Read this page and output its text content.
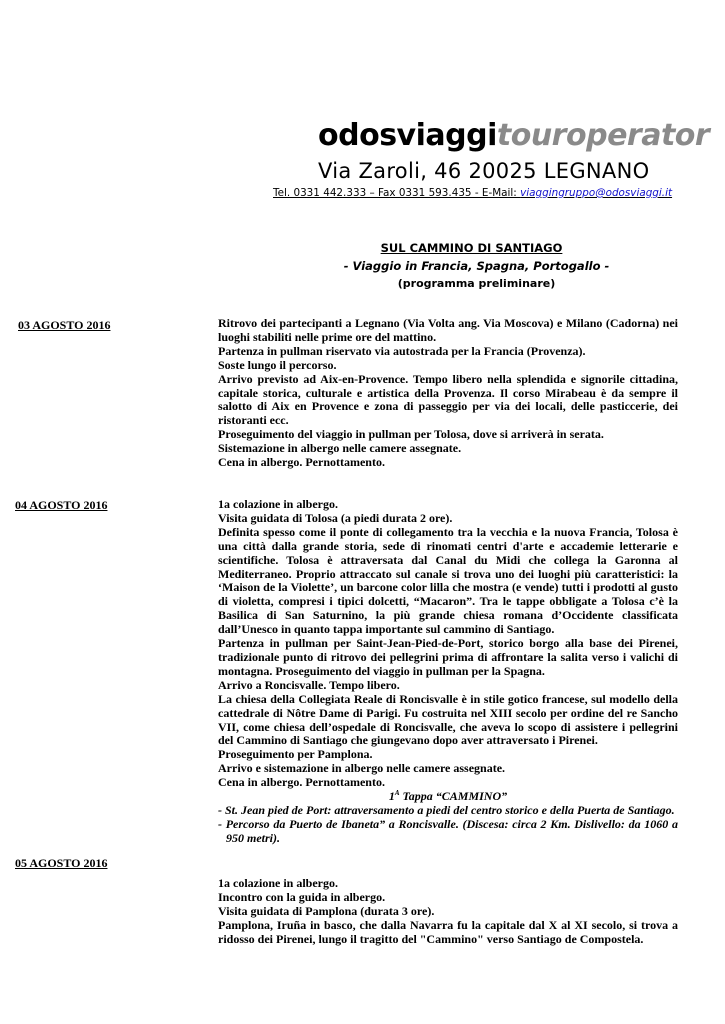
odosviaggitouroperator
Via Zaroli, 46 20025 LEGNANO
Tel. 0331 442.333 – Fax 0331 593.435 - E-Mail: viaggingruppo@odosviaggi.it
SUL CAMMINO DI SANTIAGO
- Viaggio in Francia, Spagna, Portogallo -
(programma preliminare)
03 AGOSTO 2016	Ritrovo dei partecipanti a Legnano (Via Volta ang. Via Moscova) e Milano (Cadorna) nei luoghi stabiliti nelle prime ore del mattino.

Partenza in pullman riservato via autostrada per la Francia (Provenza).

Soste lungo il percorso.

Arrivo previsto ad Aix-en-Provence. Tempo libero nella splendida e signorile cittadina, capitale storica, culturale e artistica della Provenza. Il corso Mirabeau è da sempre il salotto di Aix en Provence e zona di passeggio per via dei locali, delle pasticcerie, dei ristoranti ecc.

Proseguimento del viaggio in pullman per Tolosa, dove si arriverà in serata.

Sistemazione in albergo nelle camere assegnate.

Cena in albergo. Pernottamento.

04 AGOSTO 2016	1a colazione in albergo.

Visita guidata di Tolosa (a piedi durata 2 ore).

Definita spesso come il ponte di collegamento tra la vecchia e la nuova Francia, Tolosa è una città dalla grande storia, sede di rinomati centri d'arte e accademie letterarie e scientifiche. Tolosa è attraversata dal Canal du Midi che collega la Garonna al Mediterraneo. Proprio attraccato sul canale si trova uno dei luoghi più caratteristici: la ‘Maison de la Violette’, un barcone color lilla che mostra (e vende) tutti i prodotti al gusto di violetta, compresi i tipici dolcetti, “Macaron”. Tra le tappe obbligate a Tolosa c’è la Basilica di San Saturnino, la più grande chiesa romana d’Occidente classificata dall’Unesco in quanto tappa importante sul cammino di Santiago.

Partenza in pullman per Saint-Jean-Pied-de-Port, storico borgo alla base dei Pirenei, tradizionale punto di ritrovo dei pellegrini prima di affrontare la salita verso i valichi di montagna. Proseguimento del viaggio in pullman per la Spagna.

Arrivo a Roncisvalle. Tempo libero.

La chiesa della Collegiata Reale di Roncisvalle è in stile gotico francese, sul modello della cattedrale di Nôtre Dame di Parigi. Fu costruita nel XIII secolo per ordine del re Sancho VII, come chiesa dell’ospedale di Roncisvalle, che aveva lo scopo di assistere i pellegrini del Cammino di Santiago che giungevano dopo aver attraversato i Pirenei.

Proseguimento per Pamplona.

Arrivo e sistemazione in albergo nelle camere assegnate.

Cena in albergo. Pernottamento.

$1^A$ Tappa “CAMMINO”

- St. Jean pied de Port: attraversamento a piedi del centro storico e della Puerta de Santiago.

- Percorso da Puerto de Ibaneta” a Roncisvalle. (Discesa: circa 2 Km. Dislivello: da 1060 a 950 metri).

05 AGOSTO 2016

1a colazione in albergo.

Incontro con la guida in albergo.

Visita guidata di Pamplona (durata 3 ore).

Pamplona, Iruña in basco, che dalla Navarra fu la capitale dal X al XI secolo, si trova a ridosso dei Pirenei, lungo il tragitto del "Cammino" verso Santiago de Compostela.
